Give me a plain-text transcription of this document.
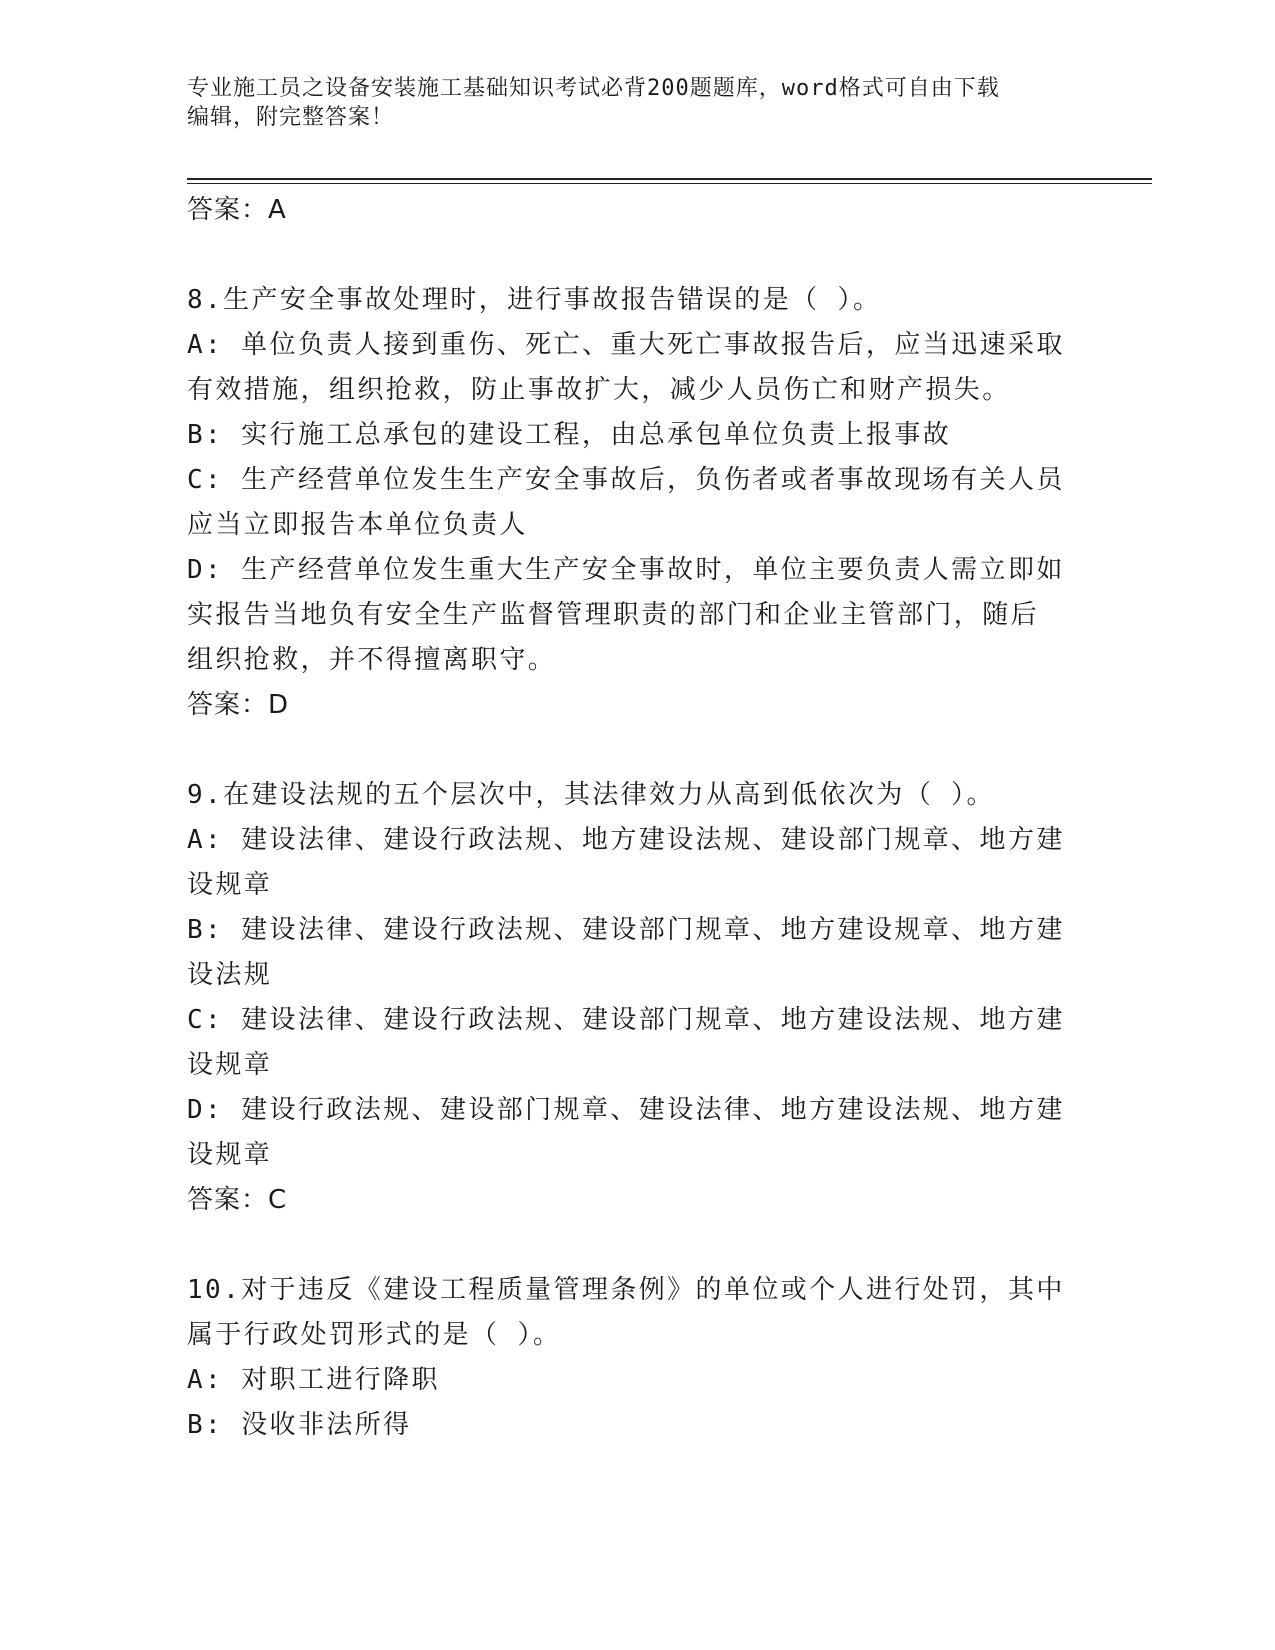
专业施工员之设备安装施工基础知识考试必背200题题库，word格式可自由下载
编辑，附完整答案！
答案：A
8.生产安全事故处理时，进行事故报告错误的是（ ）。
A: 单位负责人接到重伤、死亡、重大死亡事故报告后，应当迅速采取
有效措施，组织抢救，防止事故扩大，减少人员伤亡和财产损失。
B: 实行施工总承包的建设工程，由总承包单位负责上报事故
C: 生产经营单位发生生产安全事故后，负伤者或者事故现场有关人员
应当立即报告本单位负责人
D: 生产经营单位发生重大生产安全事故时，单位主要负责人需立即如
实报告当地负有安全生产监督管理职责的部门和企业主管部门，随后
组织抢救，并不得擅离职守。
答案：D
9.在建设法规的五个层次中，其法律效力从高到低依次为（ ）。
A: 建设法律、建设行政法规、地方建设法规、建设部门规章、地方建
设规章
B: 建设法律、建设行政法规、建设部门规章、地方建设规章、地方建
设法规
C: 建设法律、建设行政法规、建设部门规章、地方建设法规、地方建
设规章
D: 建设行政法规、建设部门规章、建设法律、地方建设法规、地方建
设规章
答案：C
10.对于违反《建设工程质量管理条例》的单位或个人进行处罚，其中
属于行政处罚形式的是（ ）。
A: 对职工进行降职
B: 没收非法所得
